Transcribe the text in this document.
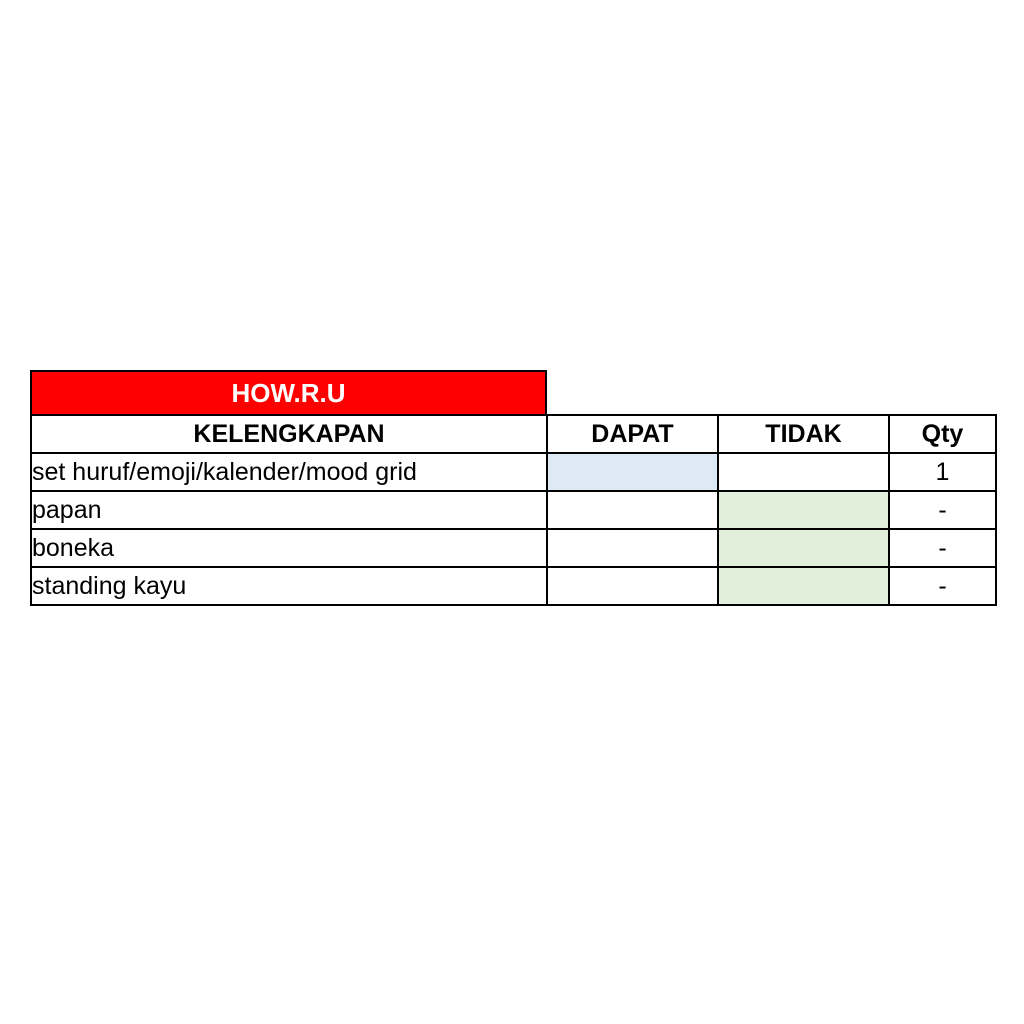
HOW.R.U
KELENGKAPAN	DAPAT	TIDAK	Qty
set huruf/emoji/kalender/mood grid			1
papan			-
boneka			-
standing kayu			-
